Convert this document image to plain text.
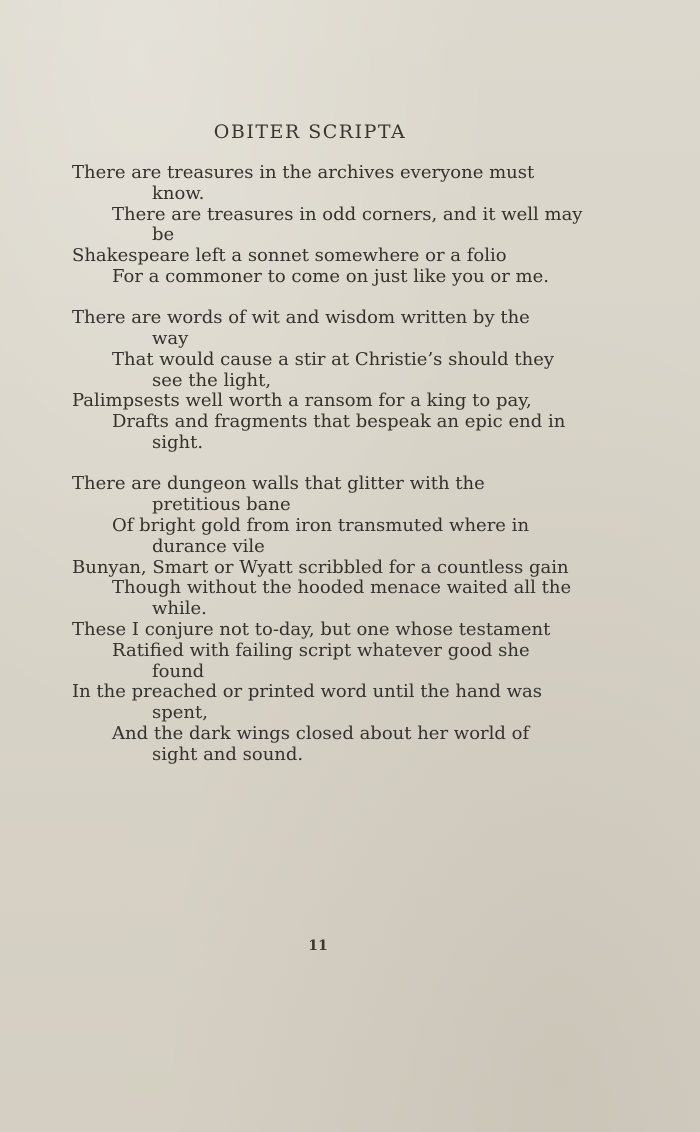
OBITER SCRIPTA
There are treasures in the archives everyone must
know.
There are treasures in odd corners, and it well may
be
Shakespeare left a sonnet somewhere or a folio
For a commoner to come on just like you or me.
There are words of wit and wisdom written by the
way
That would cause a stir at Christie’s should they
see the light,
Palimpsests well worth a ransom for a king to pay,
Drafts and fragments that bespeak an epic end in
sight.
There are dungeon walls that glitter with the
pretitious bane
Of bright gold from iron transmuted where in
durance vile
Bunyan, Smart or Wyatt scribbled for a countless gain
Though without the hooded menace waited all the
while.
These I conjure not to-day, but one whose testament
Ratified with failing script whatever good she
found
In the preached or printed word until the hand was
spent,
And the dark wings closed about her world of
sight and sound.
11
